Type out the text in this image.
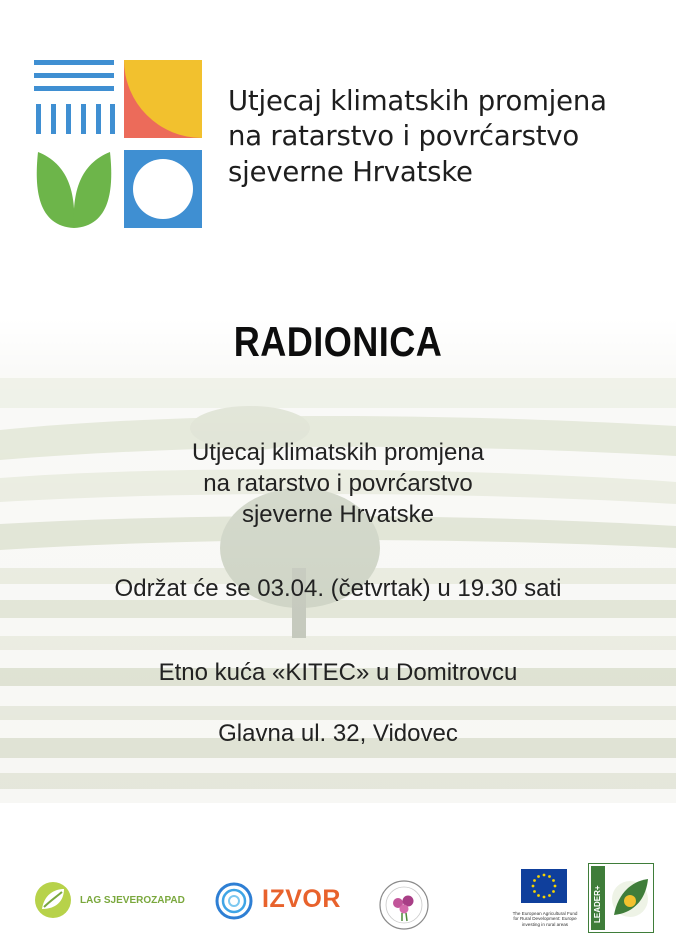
Utjecaj klimatskih promjena
na ratarstvo i povrćarstvo
sjeverne Hrvatske
RADIONICA
Utjecaj klimatskih promjena
na ratarstvo i povrćarstvo
sjeverne Hrvatske
Održat će se 03.04. (četvrtak) u 19.30 sati
Etno kuća «KITEC» u Domitrovcu
Glavna ul. 32, Vidovec
LAG SJEVEROZAPAD	IZVOR
The European Agricultural Fund
for Rural Development: Europe
investing in rural areas
LEADER+
